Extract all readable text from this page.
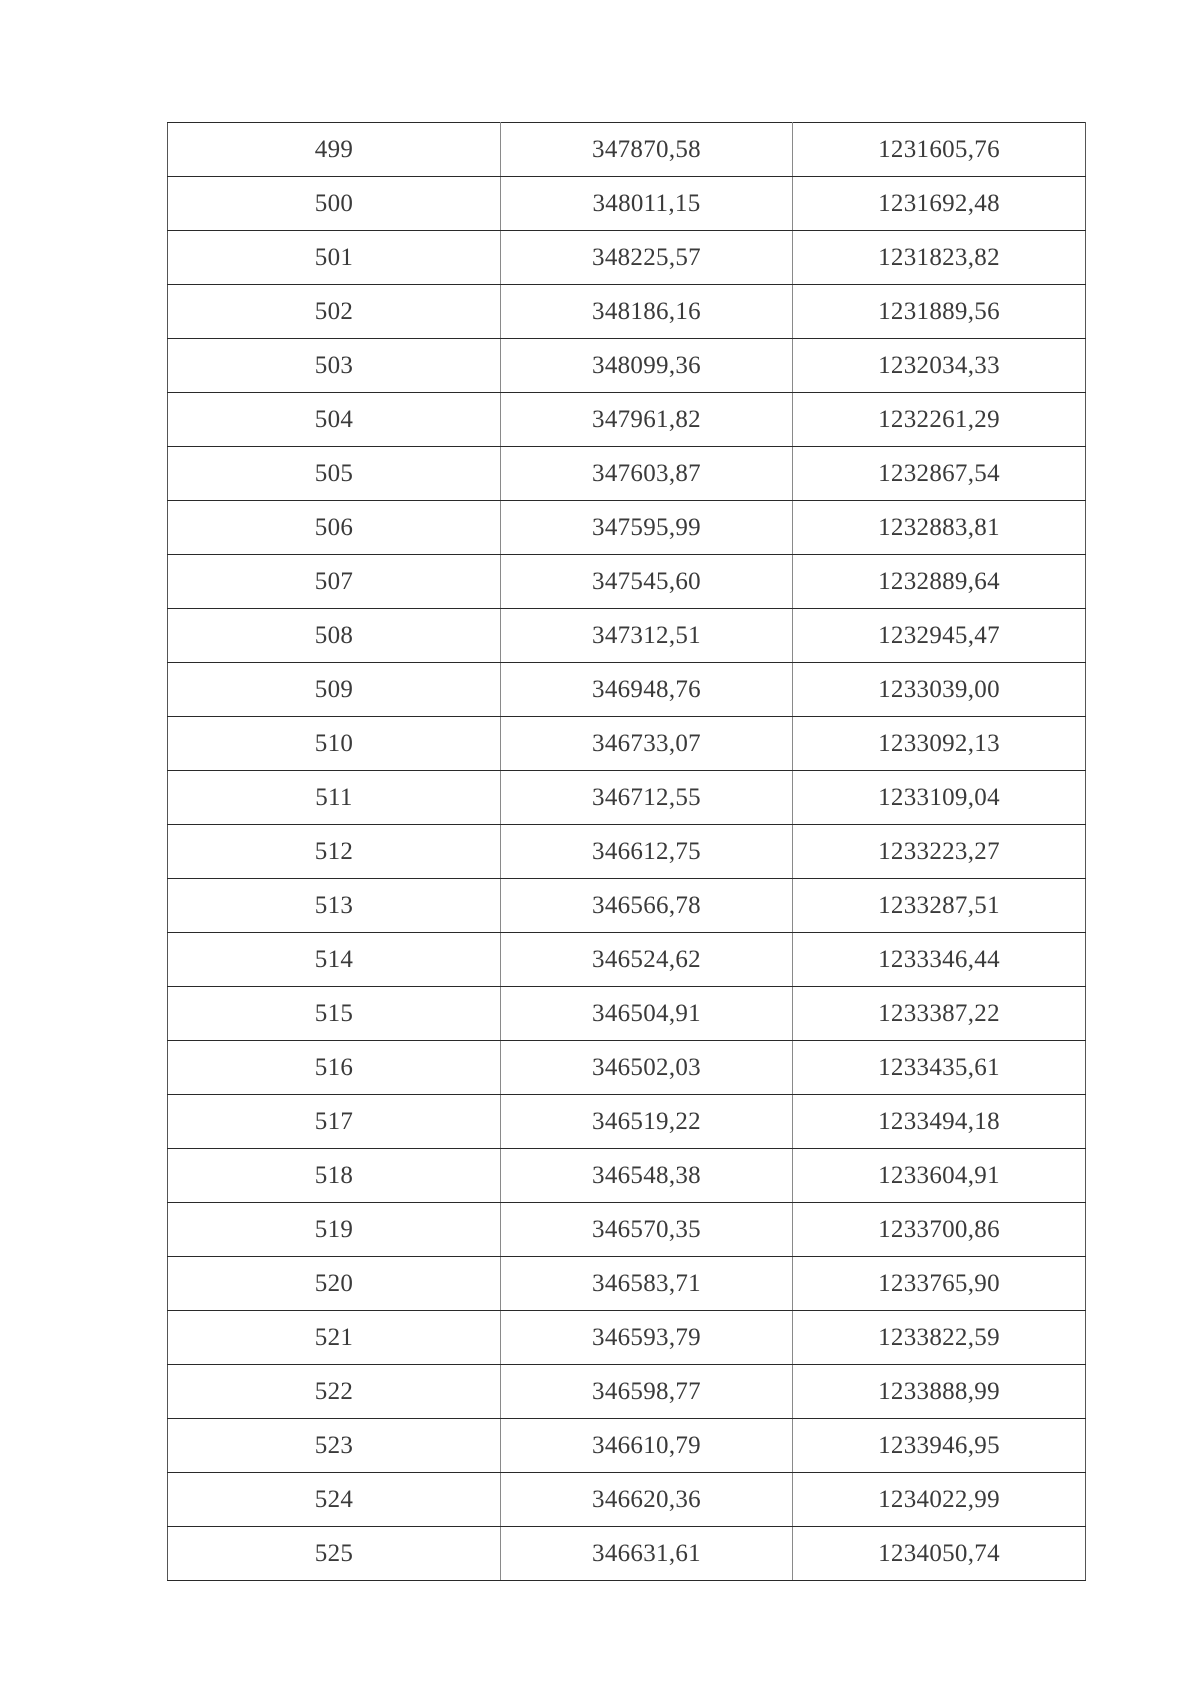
499	347870,58	1231605,76
500	348011,15	1231692,48
501	348225,57	1231823,82
502	348186,16	1231889,56
503	348099,36	1232034,33
504	347961,82	1232261,29
505	347603,87	1232867,54
506	347595,99	1232883,81
507	347545,60	1232889,64
508	347312,51	1232945,47
509	346948,76	1233039,00
510	346733,07	1233092,13
511	346712,55	1233109,04
512	346612,75	1233223,27
513	346566,78	1233287,51
514	346524,62	1233346,44
515	346504,91	1233387,22
516	346502,03	1233435,61
517	346519,22	1233494,18
518	346548,38	1233604,91
519	346570,35	1233700,86
520	346583,71	1233765,90
521	346593,79	1233822,59
522	346598,77	1233888,99
523	346610,79	1233946,95
524	346620,36	1234022,99
525	346631,61	1234050,74
